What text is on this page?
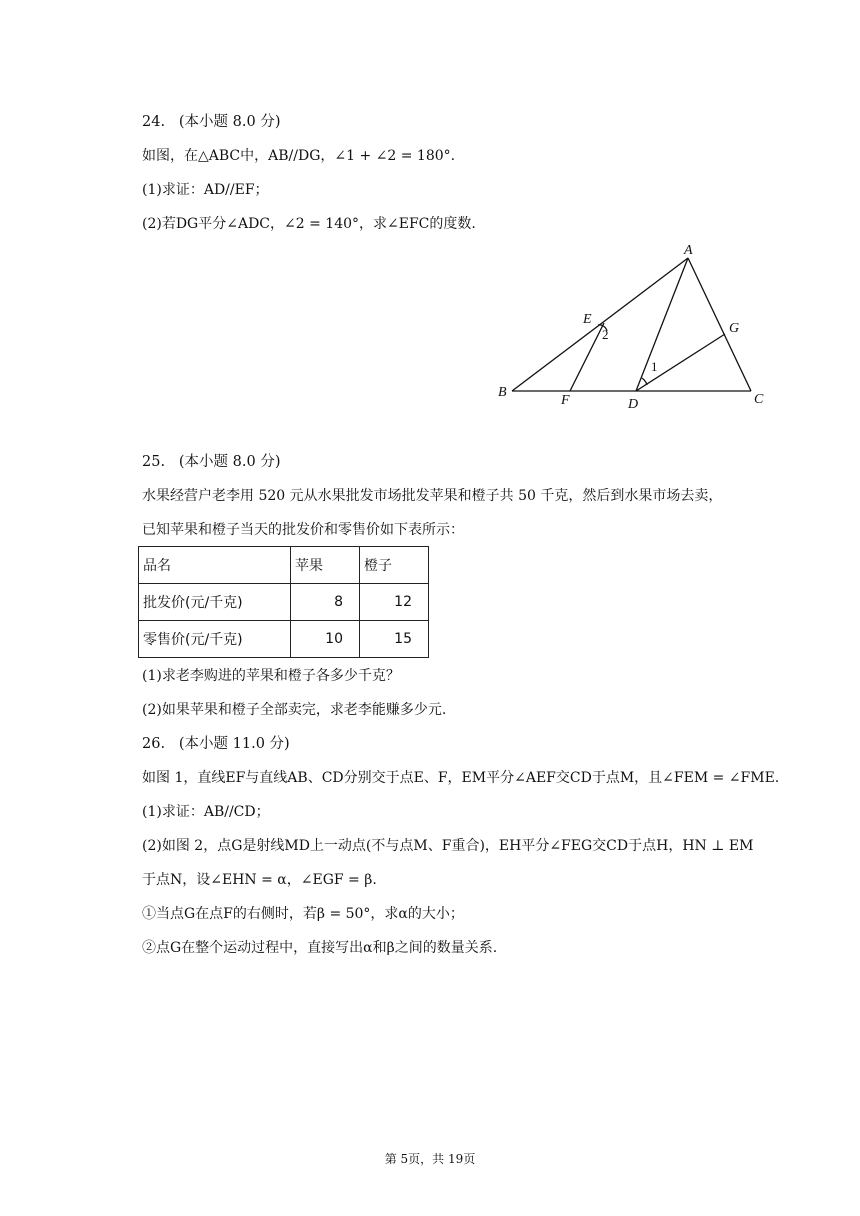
24.   (本小题 8.0 分)
如图，在△ABC中，AB//DG，∠1 + ∠2 = 180°.
(1)求证：AD//EF；
(2)若DG平分∠ADC，∠2 = 140°，求∠EFC的度数.
A
B	C
D
E
F
G
1
2
25.   (本小题 8.0 分)
水果经营户老李用 520 元从水果批发市场批发苹果和橙子共 50 千克，然后到水果市场去卖，
已知苹果和橙子当天的批发价和零售价如下表所示：
品名	苹果	橙子
批发价(元/千克)	8	12
零售价(元/千克)	10	15
(1)求老李购进的苹果和橙子各多少千克？
(2)如果苹果和橙子全部卖完，求老李能赚多少元.
26.   (本小题 11.0 分)
如图 1，直线EF与直线AB、CD分别交于点E、F，EM平分∠AEF交CD于点M，且∠FEM = ∠FME.
(1)求证：AB//CD；
(2)如图 2，点G是射线MD上一动点(不与点M、F重合)，EH平分∠FEG交CD于点H，HN ⊥ EM
于点N，设∠EHN = α，∠EGF = β.
①当点G在点F的右侧时，若β = 50°，求α的大小；
②点G在整个运动过程中，直接写出α和β之间的数量关系.
第 5页，共 19页
